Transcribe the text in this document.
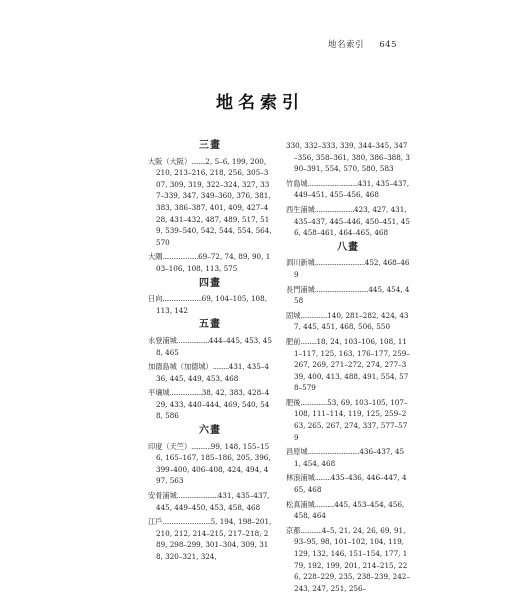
地名索引 645
地名索引
三畫
大阪（大阪）........2, 5–6, 199, 200, 210, 213–216, 218, 256, 305–307, 309, 319, 322–324, 327, 337–339, 347, 349–360, 376, 381, 383, 386–387, 401, 409, 427–428, 431–432, 487, 489, 517, 519, 539–540, 542, 544, 554, 564, 570
大隅....................69–72, 74, 89, 90, 103–106, 108, 113, 575
四畫
日向......................69, 104–105, 108, 113, 142
五畫
永登浦城..................444–445, 453, 458, 465
加德島城（加德城）.........431, 435–436, 445, 449, 453, 468
平壤城..................38, 42, 383, 428–429, 433, 440–444, 469, 540, 548, 586
六畫
印度（天竺）...........99, 148, 155–156, 165–167, 185–186, 205, 396, 399–400, 406–408, 424, 494, 497, 563
安骨浦城.......................431, 435–437, 445, 449–450, 453, 458, 468
江戶...........................5, 194, 198–201, 210, 212, 214–215, 217–218, 289, 298–299, 301–304, 309, 318, 320–321, 324,
330, 332–333, 339, 344–345, 347–356, 358–361, 380, 386–388, 390–391, 554, 570, 580, 583
竹島城............................431, 435–437, 449–451, 455–456, 468
西生浦城......................423, 427, 431, 435–437, 445–446, 450–451, 456, 458–461, 464–465, 468
八畫
泗川新城............................452, 468–469
長門浦城..............................445, 454, 458
固城...............140, 281–282, 424, 437, 445, 451, 468, 506, 550
肥前.........18, 24, 103–106, 108, 111–117, 125, 163, 176–177, 259–267, 269, 271–272, 274, 277–339, 400, 413, 488, 491, 554, 578–579
肥後...............53, 69, 103–105, 107–108, 111–114, 119, 125, 259–263, 265, 267, 274, 337, 577–579
昌原城.............................436–437, 451, 454, 468
林浪浦城.........435–436, 446–447, 465, 468
松真浦城...........445, 453–454, 456, 458, 464
京都............4–5, 21, 24, 26, 69, 91, 93–95, 98, 101–102, 104, 119, 129, 132, 146, 151–154, 177, 179, 192, 199, 201, 214–215, 226, 228–229, 235, 238–239, 242–243, 247, 251, 256–
